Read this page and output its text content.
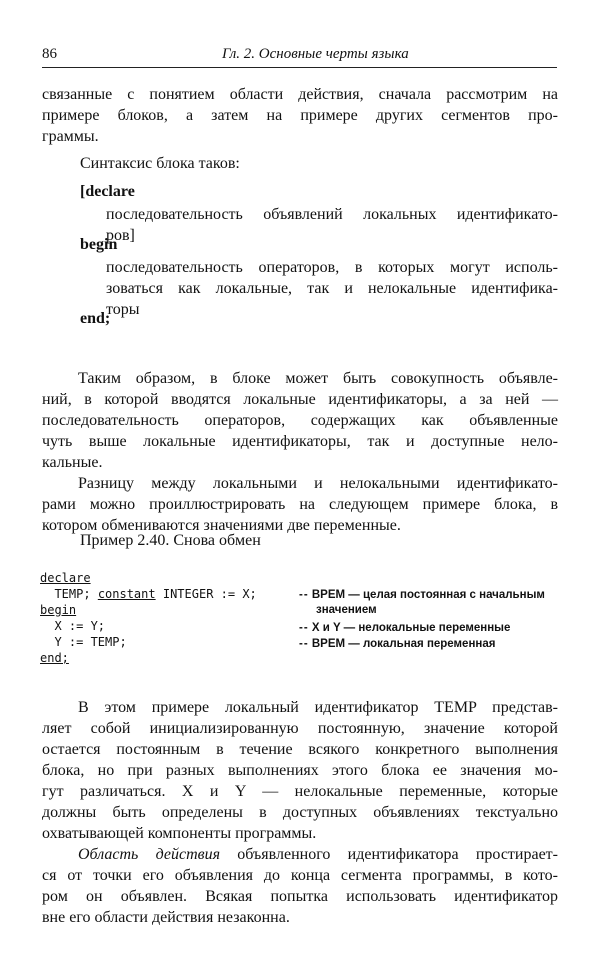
86	Гл. 2. Основные черты языка
связанные с понятием области действия, сначала рассмотрим на
примере блоков, а затем на примере других сегментов про-
граммы.
Синтаксис блока таков:
[declare
последовательность объявлений локальных идентификато-
ров]
begin
последовательность операторов, в которых могут исполь-
зоваться как локальные, так и нелокальные идентифика-
торы
end;
Таким образом, в блоке может быть совокупность объявле-
ний, в которой вводятся локальные идентификаторы, а за ней —
последовательность операторов, содержащих как объявленные
чуть выше локальные идентификаторы, так и доступные нело-
кальные.
Разницу между локальными и нелокальными идентификато-
рами можно проиллюстрировать на следующем примере блока, в
котором обмениваются значениями две переменные.
Пример 2.40. Снова обмен
declare
TEMP; constant INTEGER := X;
begin
X := Y;
Y := TEMP;
end;
-- ВРЕМ — целая постоянная с начальным
значением
-- X и Y — нелокальные переменные
-- ВРЕМ — локальная переменная
В этом примере локальный идентификатор TEMP представ-
ляет собой инициализированную постоянную, значение которой
остается постоянным в течение всякого конкретного выполнения
блока, но при разных выполнениях этого блока ее значения мо-
гут различаться. X и Y — нелокальные переменные, которые
должны быть определены в доступных объявлениях текстуально
охватывающей компоненты программы.
Область действия объявленного идентификатора простирает-
ся от точки его объявления до конца сегмента программы, в кото-
ром он объявлен. Всякая попытка использовать идентификатор
вне его области действия незаконна.
